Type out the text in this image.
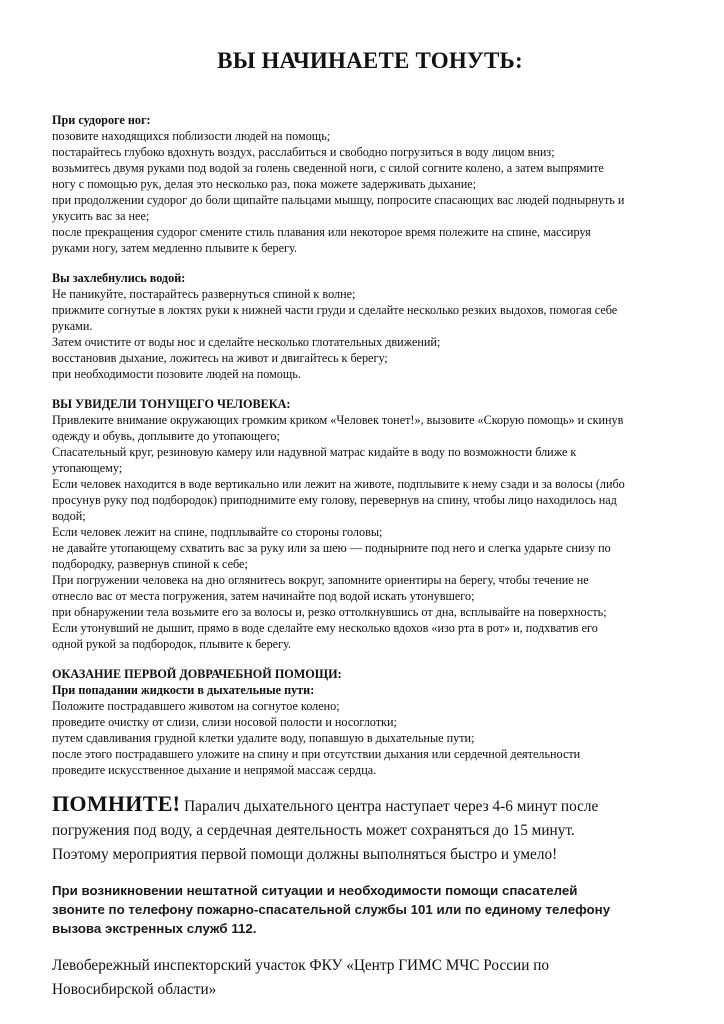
ВЫ НАЧИНАЕТЕ ТОНУТЬ:
При судороге ног:
позовите находящихся поблизости людей на помощь;
постарайтесь глубоко вдохнуть воздух, расслабиться и свободно погрузиться в воду лицом вниз;
возьмитесь двумя руками под водой за голень сведенной ноги, с силой согните колено, а затем выпрямите
ногу с помощью рук, делая это несколько раз, пока можете задерживать дыхание;
при продолжении судорог до боли щипайте пальцами мышцу, попросите спасающих вас людей поднырнуть и
укусить вас за нее;
после прекращения судорог смените стиль плавания или некоторое время полежите на спине, массируя
руками ногу, затем медленно плывите к берегу.
Вы захлебнулись водой:
Не паникуйте, постарайтесь развернуться спиной к волне;
прижмите согнутые в локтях руки к нижней части груди и сделайте несколько резких выдохов, помогая себе
руками.
Затем очистите от воды нос и сделайте несколько глотательных движений;
восстановив дыхание, ложитесь на живот и двигайтесь к берегу;
при необходимости позовите людей на помощь.
ВЫ УВИДЕЛИ ТОНУЩЕГО ЧЕЛОВЕКА:
Привлеките внимание окружающих громким криком «Человек тонет!», вызовите «Скорую помощь» и скинув
одежду и обувь, доплывите до утопающего;
Спасательный круг, резиновую камеру или надувной матрас кидайте в воду по возможности ближе к
утопающему;
Если человек находится в воде вертикально или лежит на животе, подплывите к нему сзади и за волосы (либо
просунув руку под подбородок) приподнимите ему голову, перевернув на спину, чтобы лицо находилось над
водой;
Если человек лежит на спине, подплывайте со стороны головы;
не давайте утопающему схватить вас за руку или за шею — поднырните под него и слегка ударьте снизу по
подбородку, развернув спиной к себе;
При погружении человека на дно оглянитесь вокруг, запомните ориентиры на берегу, чтобы течение не
отнесло вас от места погружения, затем начинайте под водой искать утонувшего;
при обнаружении тела возьмите его за волосы и, резко оттолкнувшись от дна, всплывайте на поверхность;
Если утонувший не дышит, прямо в воде сделайте ему несколько вдохов «изо рта в рот» и, подхватив его
одной рукой за подбородок, плывите к берегу.
ОКАЗАНИЕ ПЕРВОЙ ДОВРАЧЕБНОЙ ПОМОЩИ:
При попадании жидкости в дыхательные пути:
Положите пострадавшего животом на согнутое колено;
проведите очистку от слизи, слизи носовой полости и носоглотки;
путем сдавливания грудной клетки удалите воду, попавшую в дыхательные пути;
после этого пострадавшего уложите на спину и при отсутствии дыхания или сердечной деятельности
проведите искусственное дыхание и непрямой массаж сердца.
ПОМНИТЕ! Паралич дыхательного центра наступает через 4-6 минут после
погружения под воду, а сердечная деятельность может сохраняться до 15 минут.
Поэтому мероприятия первой помощи должны выполняться быстро и умело!
При возникновении нештатной ситуации и необходимости помощи спасателей
звоните по телефону пожарно-спасательной службы 101 или по единому телефону
вызова экстренных служб 112.
Левобережный инспекторский участок ФКУ «Центр ГИМС МЧС России по
Новосибирской области»
